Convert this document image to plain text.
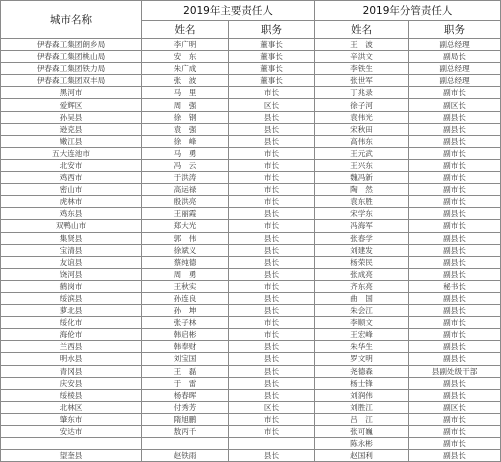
城市名称	2019年主要责任人		2019年分管责任人	
	姓名	职务	姓名	职务
伊春森工集团朗乡局	李广明	董事长	王　波	副总经理
伊春森工集团桃山局	安　东	董事长	辛洪文	副局长
伊春森工集团铁力局	朱广成	董事长	李铁生	副总经理
伊春森工集团双丰局	张　波	董事长	张世军	副总经理
黑河市	马　里	市长	丁兆录	副市长
爱辉区	周　强	区长	徐子河	副区长
孙吴县	徐　钢	县长	袁伟光	副县长
逊克县	袁　强	县长	宋秋田	副县长
嫩江县	徐　峰	县长	高伟东	副县长
五大连池市	马　勇	市长	王元武	副市长
北安市	冯　云	市长	王兴东	副市长
鸡西市	于洪涛	市长	魏冯新	副市长
密山市	高运禄	市长	陶　然	副市长
虎林市	殷洪亮	市长	袁东胜	副市长
鸡东县	王丽霞	县长	宋学东	副县长
双鸭山市	郑大光	市长	冯海军	副市长
集贤县	郭　伟	县长	张春学	副县长
宝清县	徐斌义	县长	刘建发	副县长
友谊县	蔡纯德	县长	杨荣民	副县长
饶河县	周　勇	县长	张成亮	副县长
鹤岗市	王秋实	市长	齐东亮	秘书长
绥滨县	孙连良	县长	曲　国	副县长
萝北县	孙　坤	县长	朱会江	副县长
绥化市	张子林	市长	李顺文	副市长
海伦市	韩启彬	市长	王宏峰	副市长
兰西县	韩奉财	县长	朱华生	副县长
明水县	刘宝国	县长	罗文明	副县长
青冈县	王　磊	县长	尧德森	县副处级干部
庆安县	于　雷	县长	杨士锋	副县长
绥棱县	杨春晖	县长	刘润伟	副县长
北林区	付秀芳	区长	刘胜江	副区长
肇东市	隋旭鹏	市长	吕　江	副市长
安达市	敖丙千	市长	张可巍	副市长
			陈永彬	副市长
望奎县	赵铁雨	县长	赵国利	副县长
